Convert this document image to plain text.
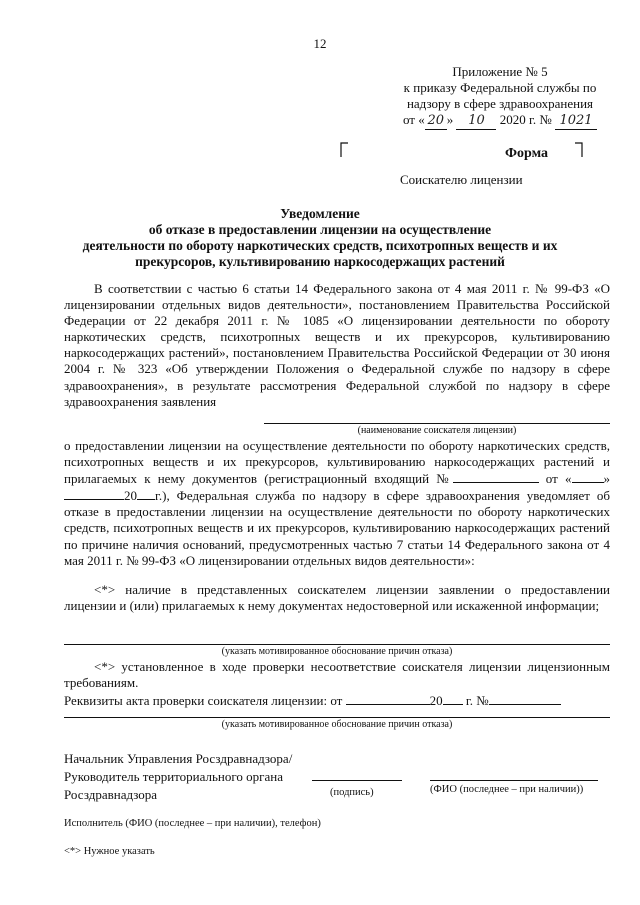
12
Приложение № 5
к приказу Федеральной службы по
надзору в сфере здравоохранения
от « 20 » 10 2020 г. № 1021
Форма
Соискателю лицензии
Уведомление
об отказе в предоставлении лицензии на осуществление
деятельности по обороту наркотических средств, психотропных веществ и их
прекурсоров, культивированию наркосодержащих растений
В соответствии с частью 6 статьи 14 Федерального закона от 4 мая 2011 г. № 99-ФЗ «О лицензировании отдельных видов деятельности», постановлением Правительства Российской Федерации от 22 декабря 2011 г. № 1085 «О лицензировании деятельности по обороту наркотических средств, психотропных веществ и их прекурсоров, культивированию наркосодержащих растений», постановлением Правительства Российской Федерации от 30 июня 2004 г. № 323 «Об утверждении Положения о Федеральной службе по надзору в сфере здравоохранения», в результате рассмотрения Федеральной службой по надзору в сфере здравоохранения заявления
(наименование соискателя лицензии)
о предоставлении лицензии на осуществление деятельности по обороту наркотических средств, психотропных веществ и их прекурсоров, культивированию наркосодержащих растений и прилагаемых к нему документов (регистрационный входящий №	от « »20 г.), Федеральная служба по надзору в сфере здравоохранения уведомляет об отказе в предоставлении лицензии на осуществление деятельности по обороту наркотических средств, психотропных веществ и их прекурсоров, культивированию наркосодержащих растений по причине наличия оснований, предусмотренных частью 7 статьи 14 Федерального закона от 4 мая 2011 г. № 99-ФЗ «О лицензировании отдельных видов деятельности»:
<*> наличие в представленных соискателем лицензии заявлении о предоставлении лицензии и (или) прилагаемых к нему документах недостоверной или искаженной информации;
(указать мотивированное обоснование причин отказа)
<*> установленное в ходе проверки несоответствие соискателя лицензии лицензионным требованиям.
Реквизиты акта проверки соискателя лицензии: от	20 г. №
(указать мотивированное обоснование причин отказа)
Начальник Управления Росздравнадзора/
Руководитель территориального органа
Росздравнадзора	(подпись)	(ФИО (последнее – при наличии))
Исполнитель (ФИО (последнее – при наличии), телефон)
<*> Нужное указать
